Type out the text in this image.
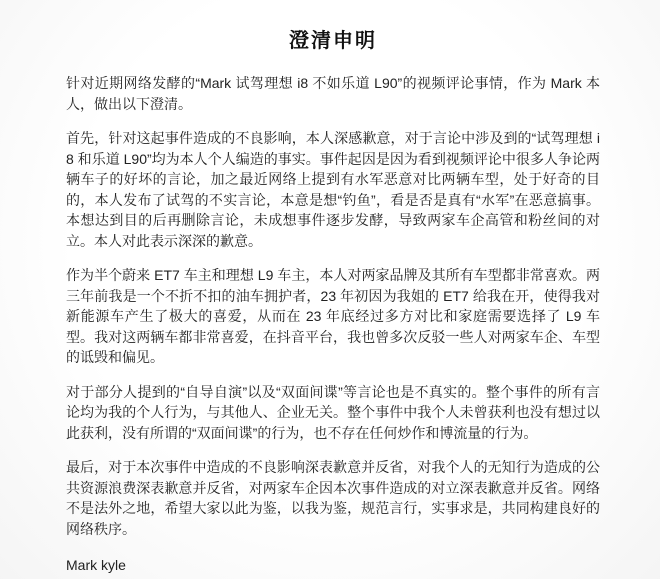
澄清申明

针对近期网络发酵的“Mark 试驾理想 i8 不如乐道 L90”的视频评论事情，作为 Mark 本人，做出以下澄清。

首先，针对这起事件造成的不良影响，本人深感歉意，对于言论中涉及到的“试驾理想 i8 和乐道 L90”均为本人个人编造的事实。事件起因是因为看到视频评论中很多人争论两辆车子的好坏的言论，加之最近网络上提到有水军恶意对比两辆车型，处于好奇的目的，本人发布了试驾的不实言论，本意是想“钓鱼”，看是否是真有“水军”在恶意搞事。本想达到目的后再删除言论，未成想事件逐步发酵，导致两家车企高管和粉丝间的对立。本人对此表示深深的歉意。

作为半个蔚来 ET7 车主和理想 L9 车主，本人对两家品牌及其所有车型都非常喜欢。两三年前我是一个不折不扣的油车拥护者，23 年初因为我姐的 ET7 给我在开，使得我对新能源车产生了极大的喜爱，从而在 23 年底经过多方对比和家庭需要选择了 L9 车型。我对这两辆车都非常喜爱，在抖音平台，我也曾多次反驳一些人对两家车企、车型的诋毁和偏见。

对于部分人提到的“自导自演”以及“双面间谍”等言论也是不真实的。整个事件的所有言论均为我的个人行为，与其他人、企业无关。整个事件中我个人未曾获利也没有想过以此获利，没有所谓的“双面间谍”的行为，也不存在任何炒作和博流量的行为。

最后，对于本次事件中造成的不良影响深表歉意并反省，对我个人的无知行为造成的公共资源浪费深表歉意并反省，对两家车企因本次事件造成的对立深表歉意并反省。网络不是法外之地，希望大家以此为鉴，以我为鉴，规范言行，实事求是，共同构建良好的网络秩序。

Mark kyle
